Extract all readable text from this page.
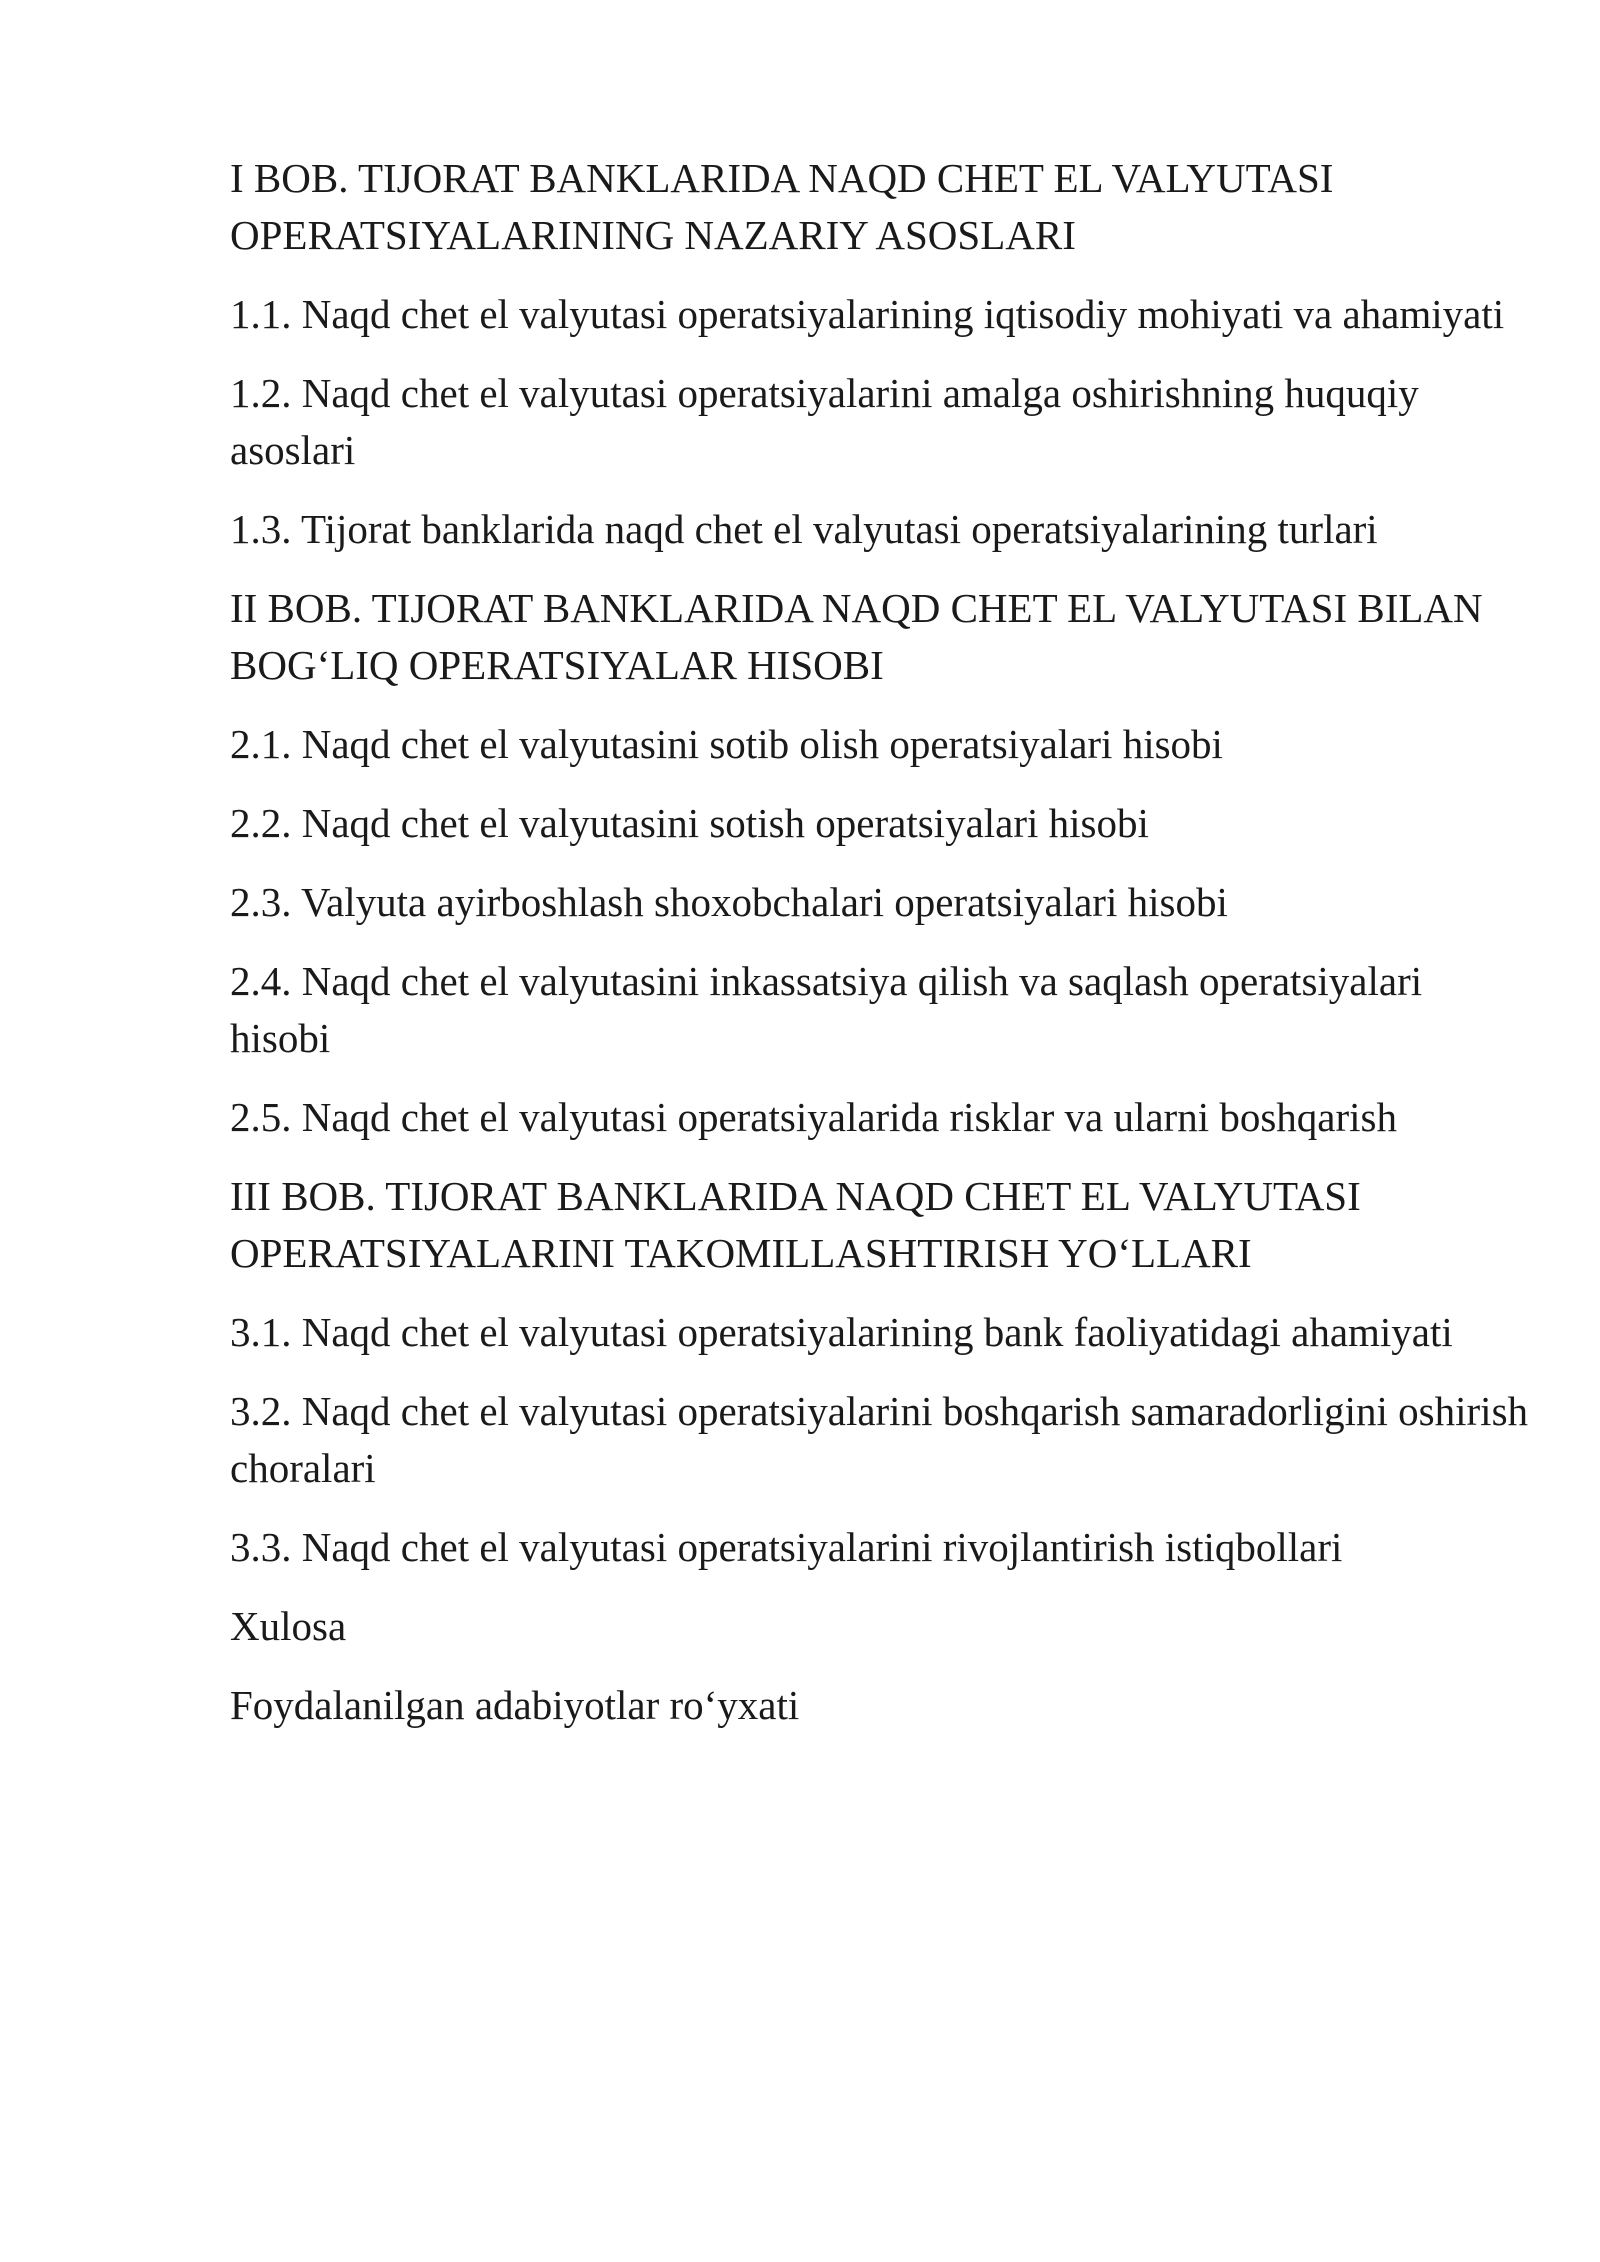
I BOB. TIJORAT BANKLARIDA NAQD CHET EL VALYUTASI OPERATSIYALARINING NAZARIY ASOSLARI
1.1. Naqd chet el valyutasi operatsiyalarining iqtisodiy mohiyati va ahamiyati
1.2. Naqd chet el valyutasi operatsiyalarini amalga oshirishning huquqiy asoslari
1.3. Tijorat banklarida naqd chet el valyutasi operatsiyalarining turlari
II BOB. TIJORAT BANKLARIDA NAQD CHET EL VALYUTASI BILAN BOG‘LIQ OPERATSIYALAR HISOBI
2.1. Naqd chet el valyutasini sotib olish operatsiyalari hisobi
2.2. Naqd chet el valyutasini sotish operatsiyalari hisobi
2.3. Valyuta ayirboshlash shoxobchalari operatsiyalari hisobi
2.4. Naqd chet el valyutasini inkassatsiya qilish va saqlash operatsiyalari hisobi
2.5. Naqd chet el valyutasi operatsiyalarida risklar va ularni boshqarish
III BOB. TIJORAT BANKLARIDA NAQD CHET EL VALYUTASI OPERATSIYALARINI TAKOMILLASHTIRISH YO‘LLARI
3.1. Naqd chet el valyutasi operatsiyalarining bank faoliyatidagi ahamiyati
3.2. Naqd chet el valyutasi operatsiyalarini boshqarish samaradorligini oshirish choralari
3.3. Naqd chet el valyutasi operatsiyalarini rivojlantirish istiqbollari
Xulosa
Foydalanilgan adabiyotlar ro‘yxati
